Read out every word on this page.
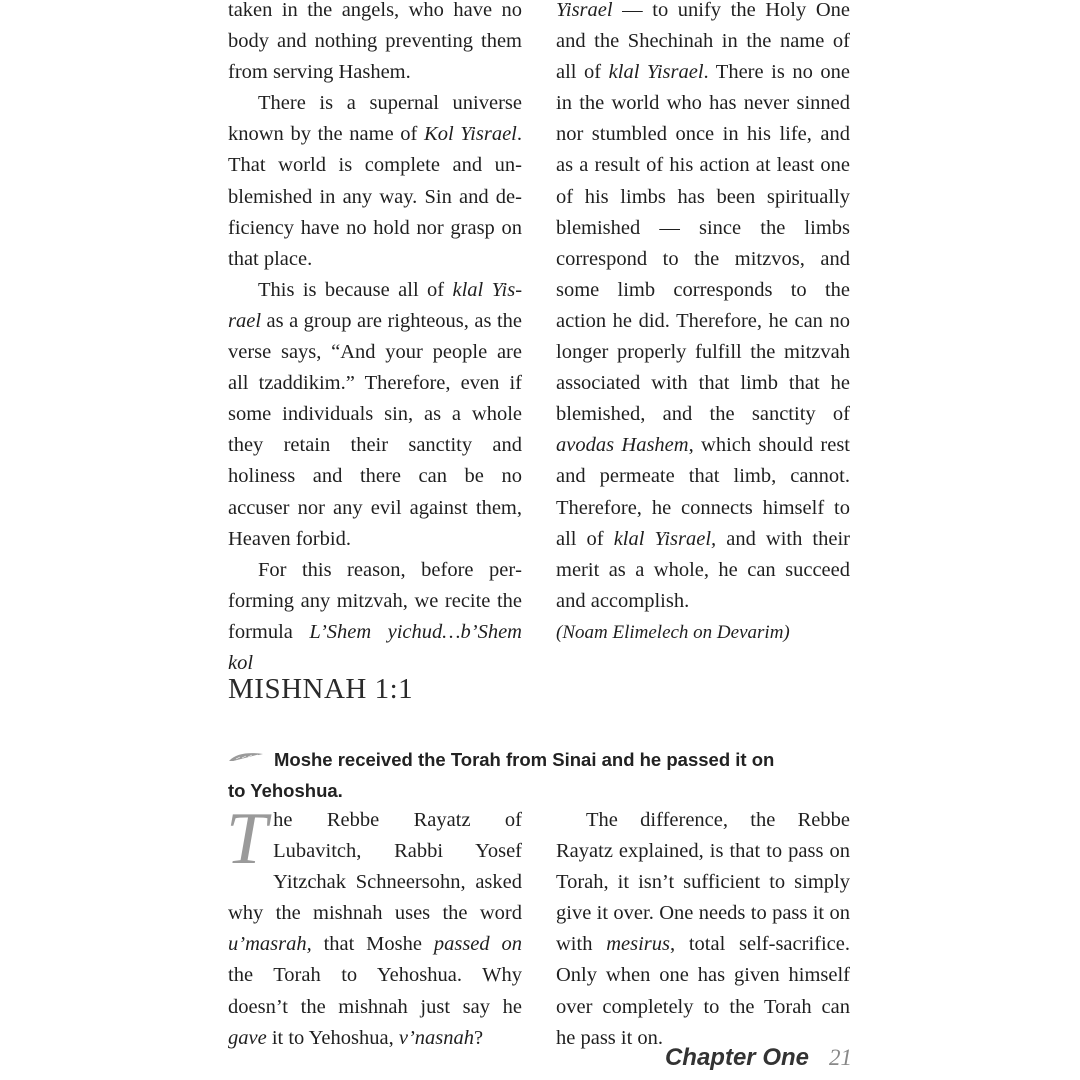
taken in the angels, who have no body and nothing preventing them from serving Hashem.

There is a supernal universe known by the name of Kol Yisrael. That world is complete and unblemished in any way. Sin and deficiency have no hold nor grasp on that place.

This is because all of klal Yisrael as a group are righteous, as the verse says, “And your people are all tzaddikim.” Therefore, even if some individuals sin, as a whole they retain their sanctity and holiness and there can be no accuser nor any evil against them, Heaven forbid.

For this reason, before performing any mitzvah, we recite the formula L’Shem yichud…b’Shem kol

Yisrael — to unify the Holy One and the Shechinah in the name of all of klal Yisrael. There is no one in the world who has never sinned nor stumbled once in his life, and as a result of his action at least one of his limbs has been spiritually blemished — since the limbs correspond to the mitzvos, and some limb corresponds to the action he did. Therefore, he can no longer properly fulfill the mitzvah associated with that limb that he blemished, and the sanctity of avodas Hashem, which should rest and permeate that limb, cannot. Therefore, he connects himself to all of klal Yisrael, and with their merit as a whole, he can succeed and accomplish.

(Noam Elimelech on Devarim)
MISHNAH 1:1
Moshe received the Torah from Sinai and he passed it on to Yehoshua.
T he Rebbe Rayatz of Lubavitch, Rabbi Yosef Yitzchak Schneersohn, asked why the mishnah uses the word u’masrah, that Moshe passed on the Torah to Yehoshua. Why doesn’t the mishnah just say he gave it to Yehoshua, v’nasnah?

The difference, the Rebbe Rayatz explained, is that to pass on Torah, it isn’t sufficient to simply give it over. One needs to pass it on with mesirus, total self-sacrifice. Only when one has given himself over completely to the Torah can he pass it on.

Chapter One 21
